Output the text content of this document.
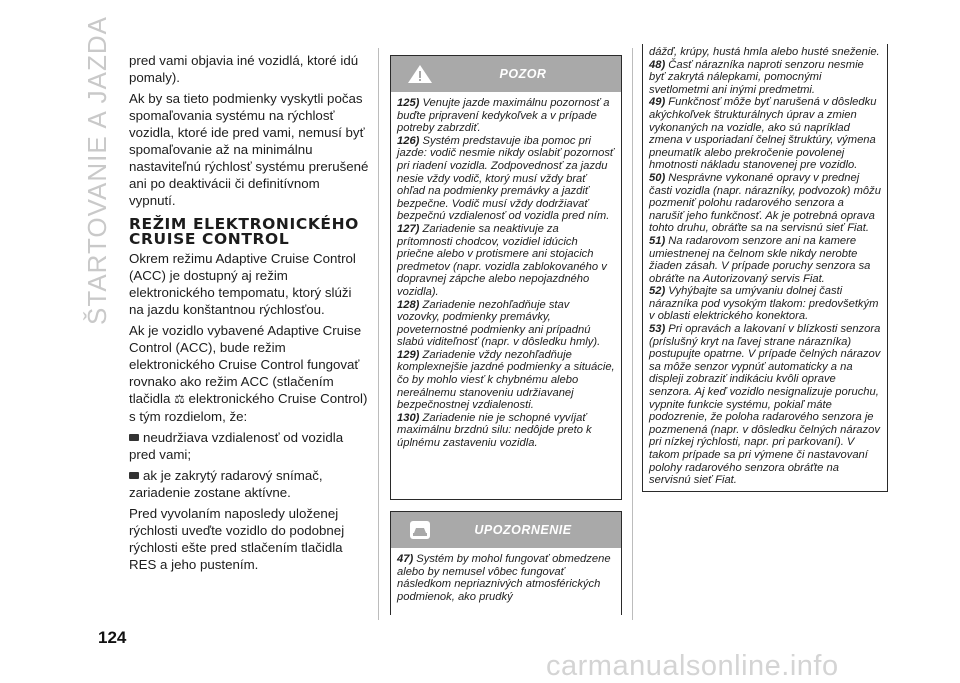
ŠTARTOVANIE A JAZDA pred vami objavia iné vozidlá, ktoré idú pomaly).

Ak by sa tieto podmienky vyskytli počas spomaľovania systému na rýchlosť vozidla, ktoré ide pred vami, nemusí byť spomaľovanie až na minimálnu nastaviteľnú rýchlosť systému prerušené ani po deaktivácii či definitívnom vypnutí.

REŽIM ELEKTRONICKÉHO CRUISE CONTROL

Okrem režimu Adaptive Cruise Control (ACC) je dostupný aj režim elektronického tempomatu, ktorý slúži na jazdu konštantnou rýchlosťou.

Ak je vozidlo vybavené Adaptive Cruise Control (ACC), bude režim elektronického Cruise Control fungovať rovnako ako režim ACC (stlačením tlačidla ⚖ elektronického Cruise Control) s tým rozdielom, že:

neudržiava vzdialenosť od vozidla pred vami;

ak je zakrytý radarový snímač, zariadenie zostane aktívne.

Pred vyvolaním naposledy uloženej rýchlosti uveďte vozidlo do podobnej rýchlosti ešte pred stlačením tlačidla RES a jeho pustením.

POZOR

125) Venujte jazde maximálnu pozornosť a buďte pripravení kedykoľvek a v prípade potreby zabrzdiť.

126) Systém predstavuje iba pomoc pri jazde: vodič nesmie nikdy oslabiť pozornosť pri riadení vozidla. Zodpovednosť za jazdu nesie vždy vodič, ktorý musí vždy brať ohľad na podmienky premávky a jazdiť bezpečne. Vodič musí vždy dodržiavať bezpečnú vzdialenosť od vozidla pred ním.

127) Zariadenie sa neaktivuje za prítomnosti chodcov, vozidiel idúcich priečne alebo v protismere ani stojacich predmetov (napr. vozidla zablokovaného v dopravnej zápche alebo nepojazdného vozidla).

128) Zariadenie nezohľadňuje stav vozovky, podmienky premávky, poveternostné podmienky ani prípadnú slabú viditeľnosť (napr. v dôsledku hmly).

129) Zariadenie vždy nezohľadňuje komplexnejšie jazdné podmienky a situácie, čo by mohlo viesť k chybnému alebo nereálnemu stanoveniu udržiavanej bezpečnostnej vzdialenosti.

130) Zariadenie nie je schopné vyvíjať maximálnu brzdnú silu: nedôjde preto k úplnému zastaveniu vozidla.

UPOZORNENIE

47) Systém by mohol fungovať obmedzene alebo by nemusel vôbec fungovať následkom nepriaznivých atmosférických podmienok, ako prudký

dážď, krúpy, hustá hmla alebo husté sneženie.

48) Časť nárazníka naproti senzoru nesmie byť zakrytá nálepkami, pomocnými svetlometmi ani inými predmetmi.

49) Funkčnosť môže byť narušená v dôsledku akýchkoľvek štrukturálnych úprav a zmien vykonaných na vozidle, ako sú napríklad zmena v usporiadaní čelnej štruktúry, výmena pneumatík alebo prekročenie povolenej hmotnosti nákladu stanovenej pre vozidlo.

50) Nesprávne vykonané opravy v prednej časti vozidla (napr. nárazníky, podvozok) môžu pozmeniť polohu radarového senzora a narušiť jeho funkčnosť. Ak je potrebná oprava tohto druhu, obráťte sa na servisnú sieť Fiat.

51) Na radarovom senzore ani na kamere umiestnenej na čelnom skle nikdy nerobte žiaden zásah. V prípade poruchy senzora sa obráťte na Autorizovaný servis Fiat.

52) Vyhýbajte sa umývaniu dolnej časti nárazníka pod vysokým tlakom: predovšetkým v oblasti elektrického konektora.

53) Pri opravách a lakovaní v blízkosti senzora (príslušný kryt na ľavej strane nárazníka) postupujte opatrne. V prípade čelných nárazov sa môže senzor vypnúť automaticky a na displeji zobraziť indikáciu kvôli oprave senzora. Aj keď vozidlo nesignalizuje poruchu, vypnite funkcie systému, pokiaľ máte podozrenie, že poloha radarového senzora je pozmenená (napr. v dôsledku čelných nárazov pri nízkej rýchlosti, napr. pri parkovaní). V takom prípade sa pri výmene či nastavovaní polohy radarového senzora obráťte na servisnú sieť Fiat.

124
carmanualsonline.info
